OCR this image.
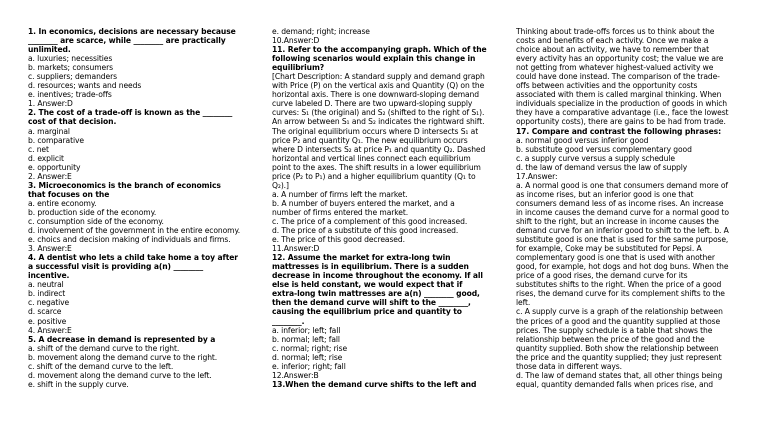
1. In economics, decisions are necessary because
________ are scarce, while ________ are practically
unlimited.
a. luxuries; necessities
b. markets; consumers
c. suppliers; demanders
d. resources; wants and needs
e. inentives; trade-offs
1. Answer:D
2. The cost of a trade-off is known as the ________
cost of that decision.
a. marginal
b. comparative
c. net
d. explicit
e. opportunity
2. Answer:E
3. Microeconomics is the branch of economics
that focuses on the
a. entire economy.
b. production side of the economy.
c. consumption side of the economy.
d. involvement of the government in the entire economy.
e. choics and decision making of individuals and firms.
3. Answer:E
4. A dentist who lets a child take home a toy after
a successful visit is providing a(n) ________
incentive.
a. neutral
b. indirect
c. negative
d. scarce
e. positive
4. Answer:E
5. A decrease in demand is represented by a
a. shift of the demand curve to the right.
b. movement along the demand curve to the right.
c. shift of the demand curve to the left.
d. movement along the demand curve to the left.
e. shift in the supply curve.
e. demand; right; increase
10.Answer:D
11. Refer to the accompanying graph. Which of the
following scenarios would explain this change in
equilibrium?
[Chart Description: A standard supply and demand graph
with Price (P) on the vertical axis and Quantity (Q) on the
horizontal axis. There is one downward-sloping demand
curve labeled D. There are two upward-sloping supply
curves: S₁ (the original) and S₂ (shifted to the right of S₁).
An arrow between S₁ and S₂ indicates the rightward shift.
The original equilibrium occurs where D intersects S₁ at
price P₂ and quantity Q₁. The new equilibrium occurs
where D intersects S₂ at price P₁ and quantity Q₂. Dashed
horizontal and vertical lines connect each equilibrium
point to the axes. The shift results in a lower equilibrium
price (P₂ to P₁) and a higher equilibrium quantity (Q₁ to
Q₂).]
a. A number of firms left the market.
b. A number of buyers entered the market, and a
number of firms entered the market.
c. The price of a complement of this good increased.
d. The price of a substitute of this good increased.
e. The price of this good decreased.
11.Answer:D
12. Assume the market for extra-long twin
mattresses is in equilibrium. There is a sudden
decrease in income throughout the economy. If all
else is held constant, we would expect that if
extra-long twin mattresses are a(n) ________ good,
then the demand curve will shift to the ________,
causing the equilibrium price and quantity to
________.
a. inferior; left; fall
b. normal; left; fall
c. normal; right; rise
d. normal; left; rise
e. inferior; right; fall
12.Answer:B
13.When the demand curve shifts to the left and
Thinking about trade-offs forces us to think about the
costs and benefits of each activity. Once we make a
choice about an activity, we have to remember that
every activity has an opportunity cost; the value we are
not getting from whatever highest-valued activity we
could have done instead. The comparison of the trade-
offs between activities and the opportunity costs
associated with them is called marginal thinking. When
individuals specialize in the production of goods in which
they have a comparative advantage (i.e., face the lowest
opportunity costs), there are gains to be had from trade.
17. Compare and contrast the following phrases:
a. normal good versus inferior good
b. substitute good versus complementary good
c. a supply curve versus a supply schedule
d. the law of demand versus the law of supply
17.Answer:
a. A normal good is one that consumers demand more of
as income rises, but an inferior good is one that
consumers demand less of as income rises. An increase
in income causes the demand curve for a normal good to
shift to the right, but an increase in income causes the
demand curve for an inferior good to shift to the left. b. A
substitute good is one that is used for the same purpose,
for example, Coke may be substituted for Pepsi. A
complementary good is one that is used with another
good, for example, hot dogs and hot dog buns. When the
price of a good rises, the demand curve for its
substitutes shifts to the right. When the price of a good
rises, the demand curve for its complement shifts to the
left.
c. A supply curve is a graph of the relationship between
the prices of a good and the quantity supplied at those
prices. The supply schedule is a table that shows the
relationship between the price of the good and the
quantity supplied. Both show the relationship between
the price and the quantity supplied; they just represent
those data in different ways.
d. The law of demand states that, all other things being
equal, quantity demanded falls when prices rise, and
